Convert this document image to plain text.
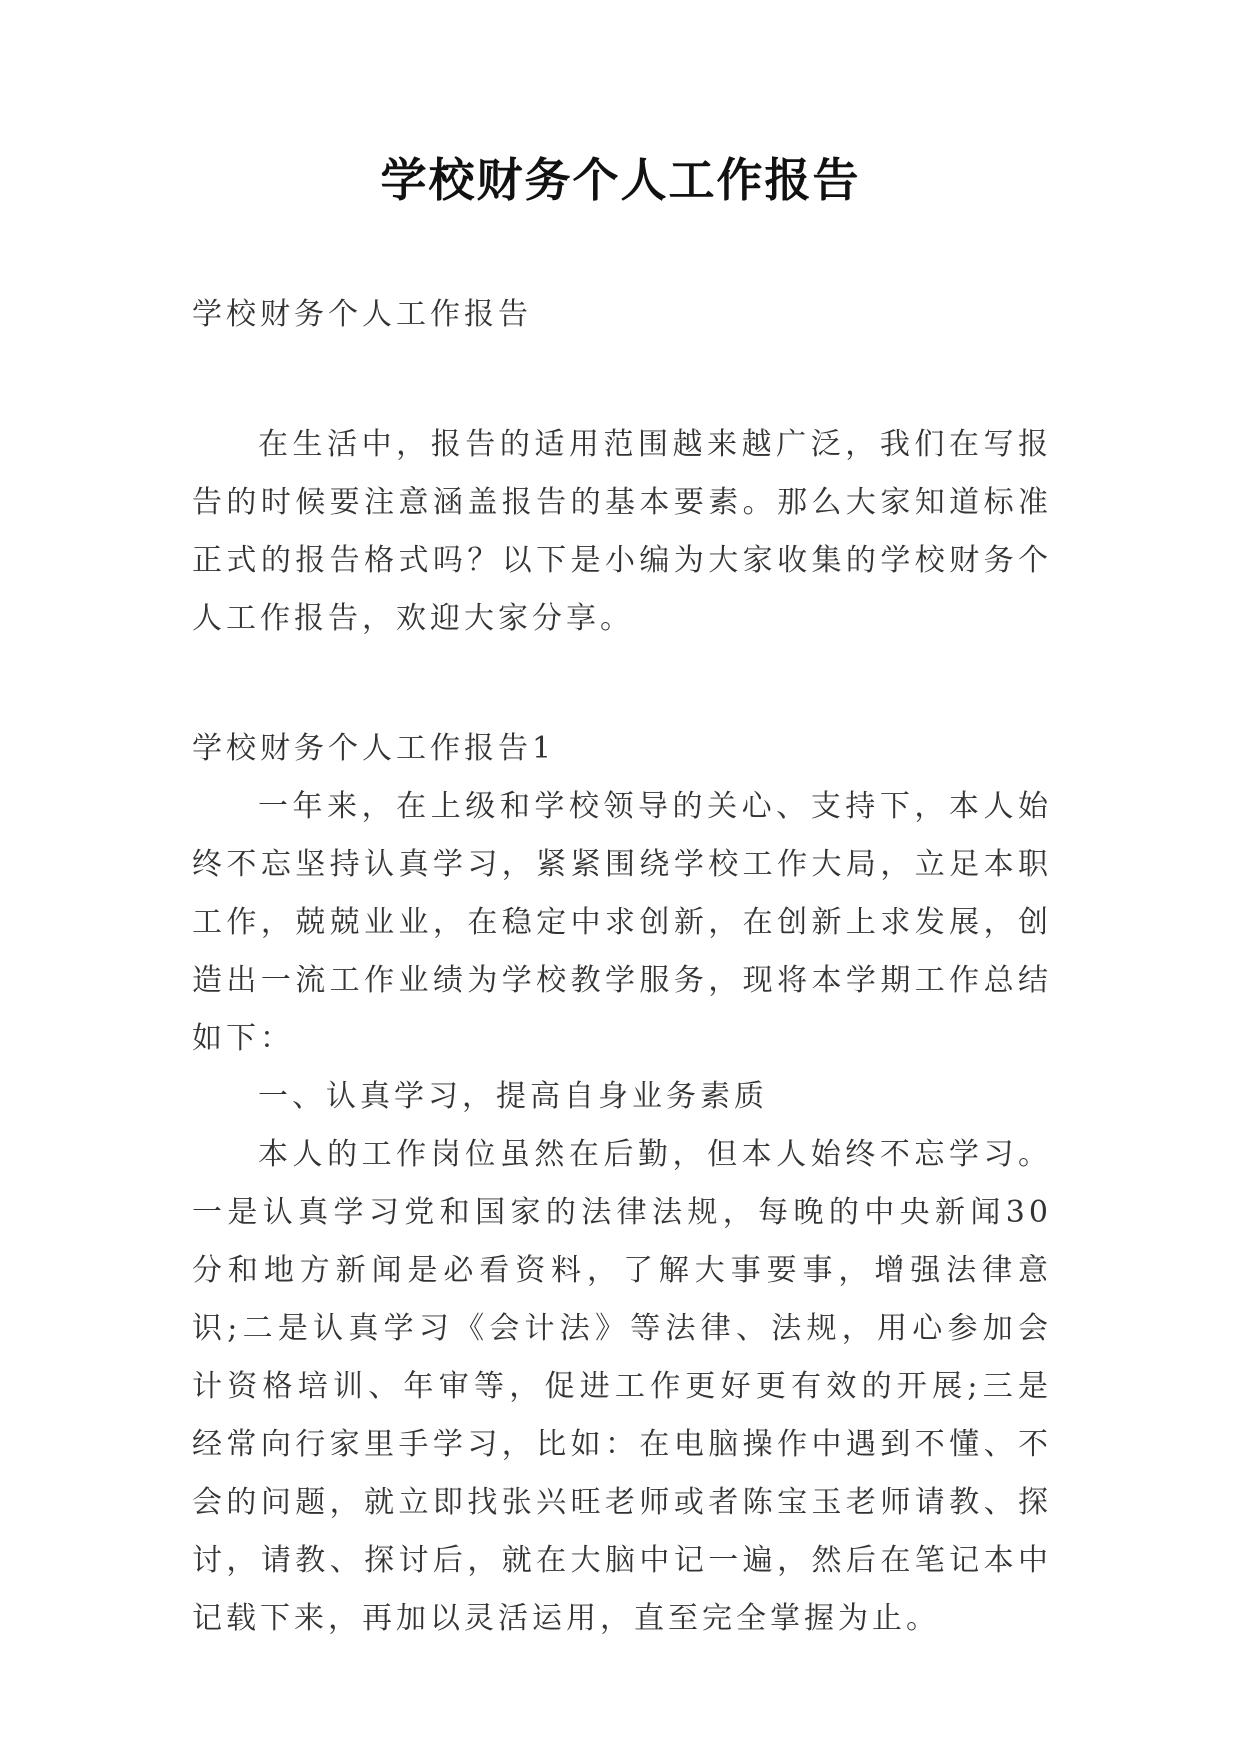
学校财务个人工作报告

学校财务个人工作报告

在生活中，报告的适用范围越来越广泛，我们在写报告的时候要注意涵盖报告的基本要素。那么大家知道标准正式的报告格式吗？以下是小编为大家收集的学校财务个人工作报告，欢迎大家分享。

学校财务个人工作报告1

一年来，在上级和学校领导的关心、支持下，本人始终不忘坚持认真学习，紧紧围绕学校工作大局，立足本职工作，兢兢业业，在稳定中求创新，在创新上求发展，创造出一流工作业绩为学校教学服务，现将本学期工作总结如下：

一、认真学习，提高自身业务素质

本人的工作岗位虽然在后勤，但本人始终不忘学习。一是认真学习党和国家的法律法规，每晚的中央新闻30分和地方新闻是必看资料，了解大事要事，增强法律意识;二是认真学习《会计法》等法律、法规，用心参加会计资格培训、年审等，促进工作更好更有效的开展;三是经常向行家里手学习，比如：在电脑操作中遇到不懂、不会的问题，就立即找张兴旺老师或者陈宝玉老师请教、探讨，请教、探讨后，就在大脑中记一遍，然后在笔记本中记载下来，再加以灵活运用，直至完全掌握为止。
